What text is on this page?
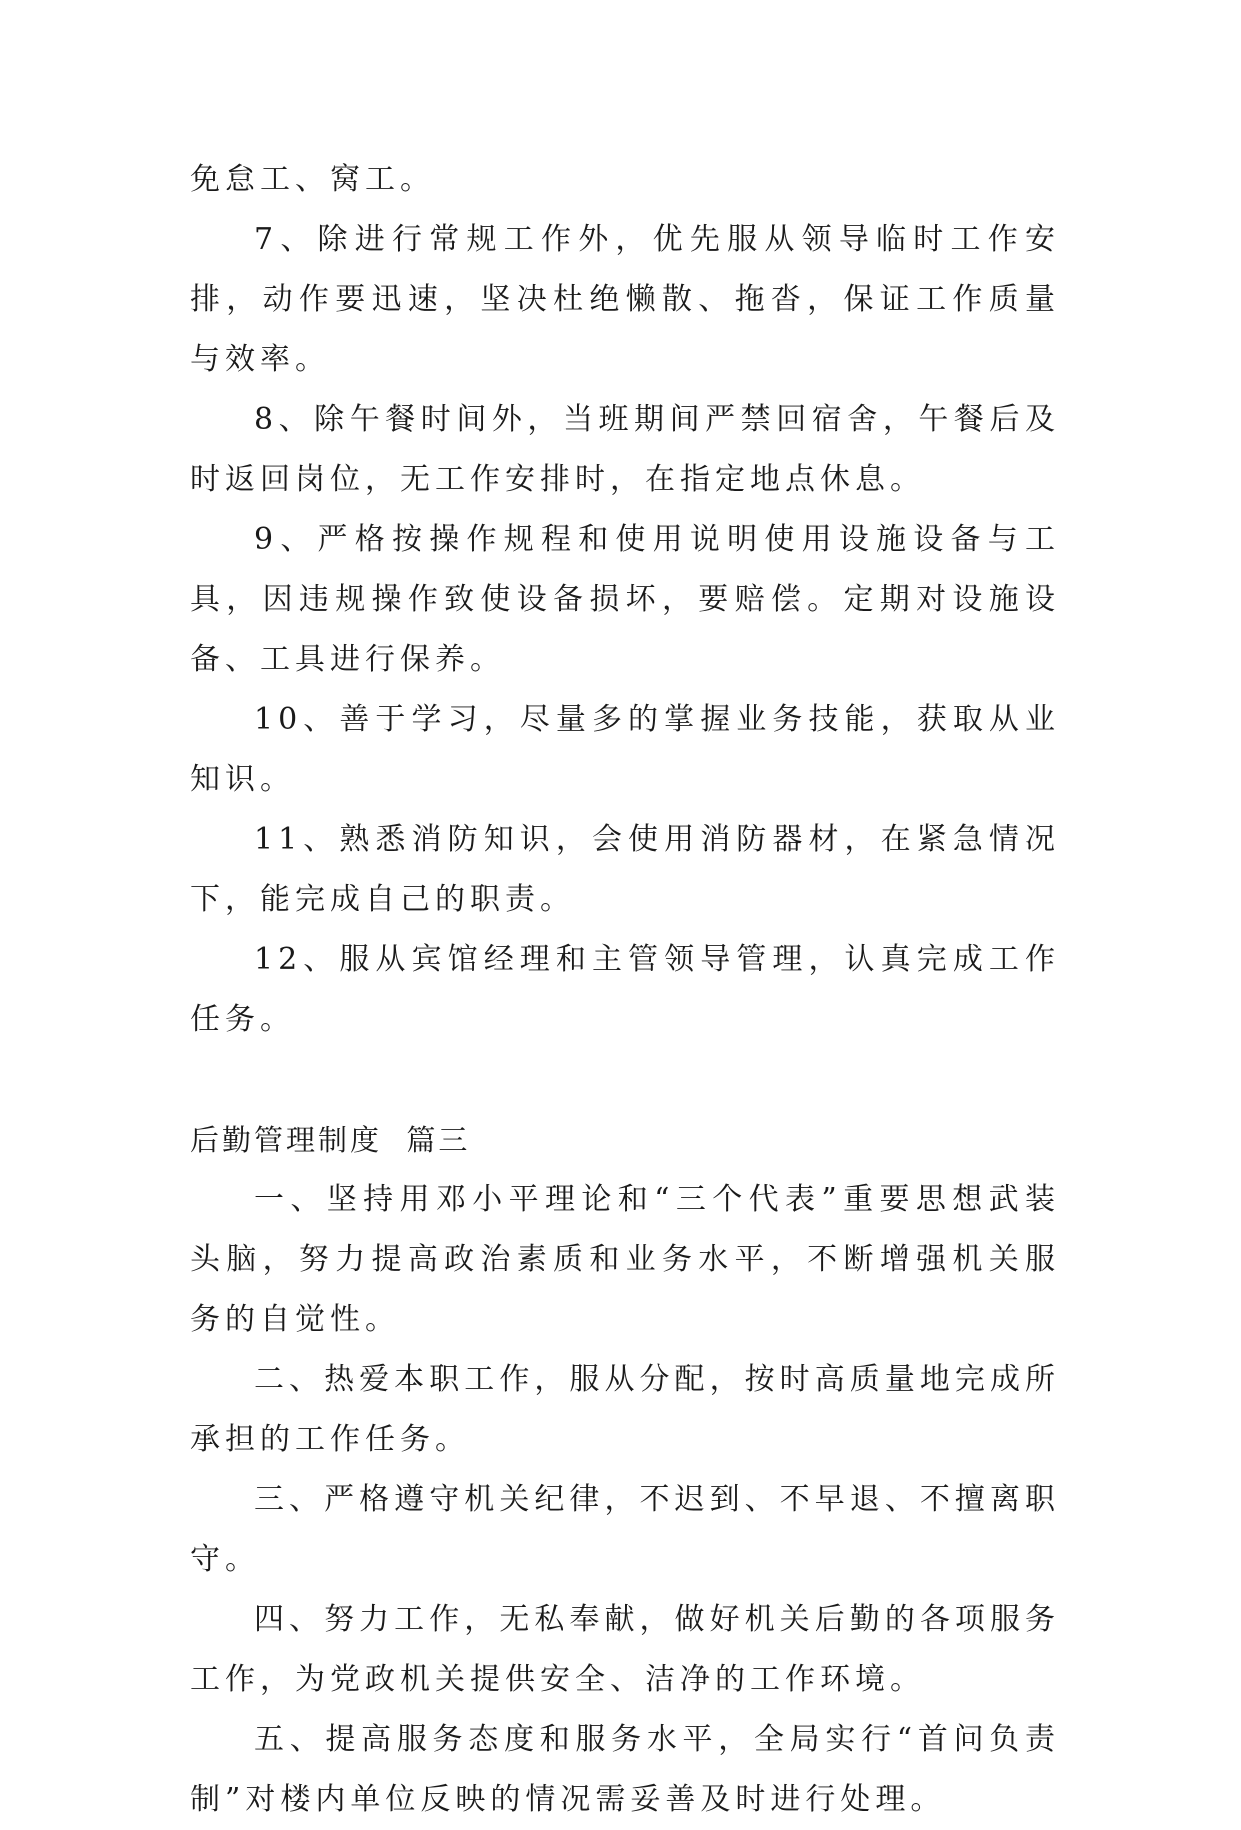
免怠工、窝工。

7、除进行常规工作外，优先服从领导临时工作安排，动作要迅速，坚决杜绝懒散、拖沓，保证工作质量与效率。

8、除午餐时间外，当班期间严禁回宿舍，午餐后及时返回岗位，无工作安排时，在指定地点休息。

9、严格按操作规程和使用说明使用设施设备与工具，因违规操作致使设备损坏，要赔偿。定期对设施设备、工具进行保养。

10、善于学习，尽量多的掌握业务技能，获取从业知识。

11、熟悉消防知识，会使用消防器材，在紧急情况下，能完成自己的职责。

12、服从宾馆经理和主管领导管理，认真完成工作任务。

后勤管理制度  篇三

一、坚持用邓小平理论和“三个代表”重要思想武装头脑，努力提高政治素质和业务水平，不断增强机关服务的自觉性。

二、热爱本职工作，服从分配，按时高质量地完成所承担的工作任务。

三、严格遵守机关纪律，不迟到、不早退、不擅离职守。

四、努力工作，无私奉献，做好机关后勤的各项服务工作，为党政机关提供安全、洁净的工作环境。

五、提高服务态度和服务水平，全局实行“首问负责制”对楼内单位反映的情况需妥善及时进行处理。
